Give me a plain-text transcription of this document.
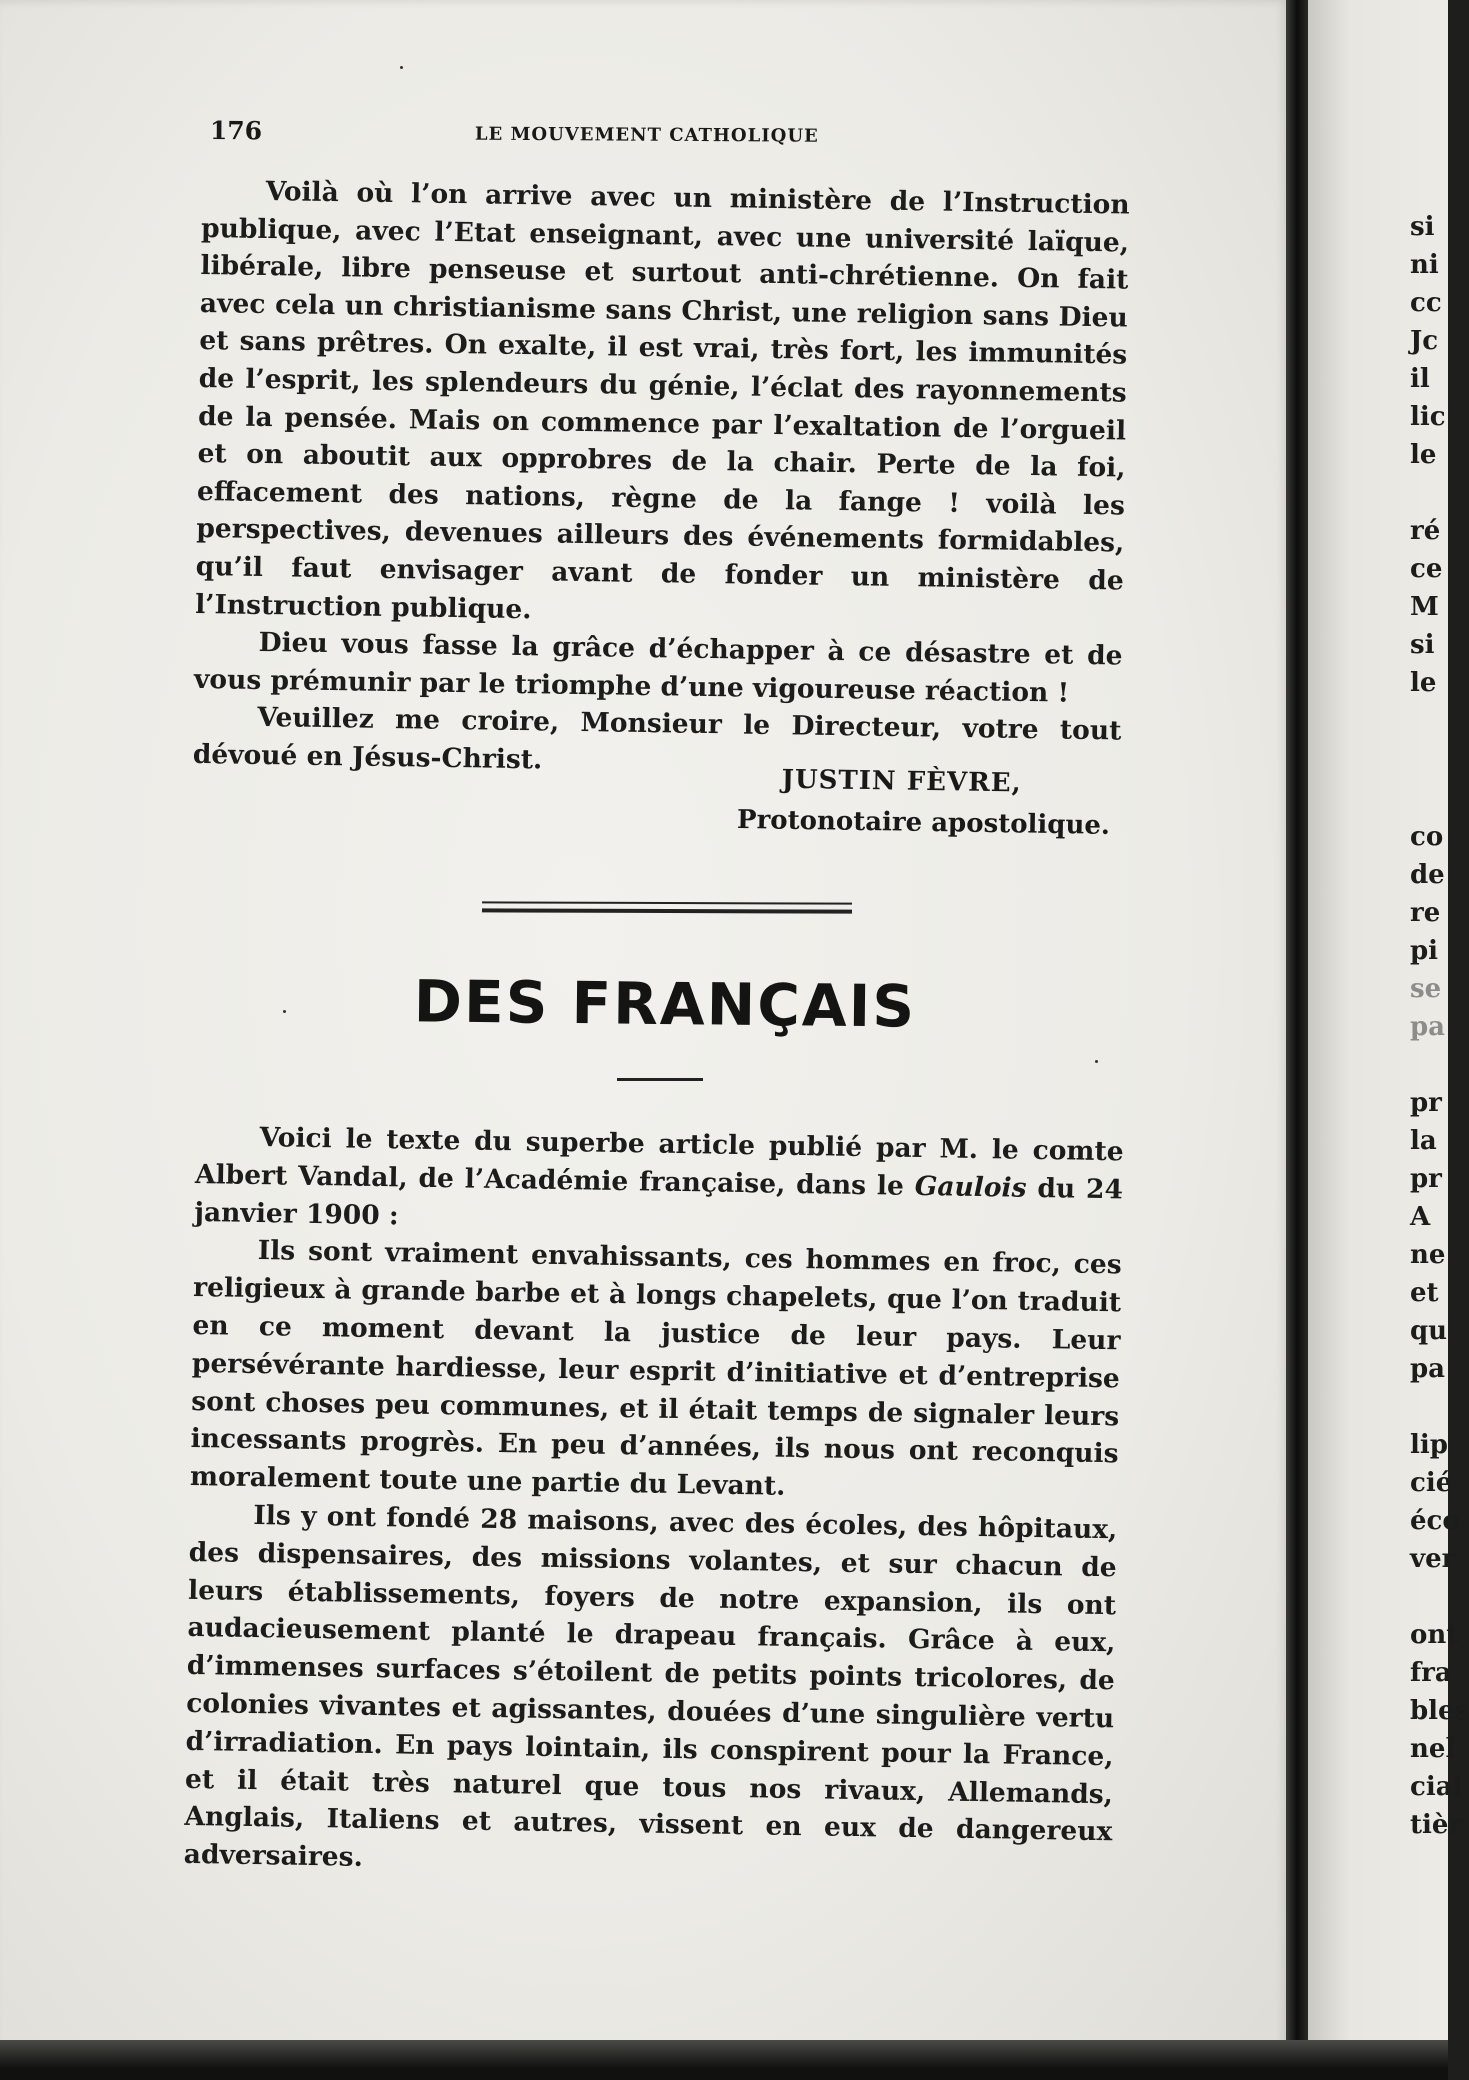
176	LE MOUVEMENT CATHOLIQUE

Voilà où l’on arrive avec un ministère de l’Instruction publique, avec l’Etat enseignant, avec une université laïque, libérale, libre penseuse et surtout anti-chrétienne. On fait avec cela un christianisme sans Christ, une religion sans Dieu et sans prêtres. On exalte, il est vrai, très fort, les immunités de l’esprit, les splendeurs du génie, l’éclat des rayonnements de la pensée. Mais on commence par l’exaltation de l’orgueil et on aboutit aux opprobres de la chair. Perte de la foi, effacement des nations, règne de la fange ! voilà les perspectives, devenues ailleurs des événements formidables, qu’il faut envisager avant de fonder un ministère de l’Instruction publique.

Dieu vous fasse la grâce d’échapper à ce désastre et de vous prémunir par le triomphe d’une vigoureuse réaction !

Veuillez me croire, Monsieur le Directeur, votre tout dévoué en Jésus-Christ.

JUSTIN FÈVRE,
Protonotaire apostolique.
DES FRANÇAIS

Voici le texte du superbe article publié par M. le comte Albert Vandal, de l’Académie française, dans le Gaulois du 24 janvier 1900 :

Ils sont vraiment envahissants, ces hommes en froc, ces religieux à grande barbe et à longs chapelets, que l’on traduit en ce moment devant la justice de leur pays. Leur persévérante hardiesse, leur esprit d’initiative et d’entreprise sont choses peu communes, et il était temps de signaler leurs incessants progrès. En peu d’années, ils nous ont reconquis moralement toute une partie du Levant.

Ils y ont fondé 28 maisons, avec des écoles, des hôpitaux, des dispensaires, des missions volantes, et sur chacun de leurs établissements, foyers de notre expansion, ils ont audacieusement planté le drapeau français. Grâce à eux, d’immenses surfaces s’étoilent de petits points tricolores, de colonies vivantes et agissantes, douées d’une singulière vertu d’irradiation. En pays lointain, ils conspirent pour la France, et il était très naturel que tous nos rivaux, Allemands, Anglais, Italiens et autres, vissent en eux de dangereux adversaires.

si
ni
cc
Jc
il
lic
le
ré
ce
M
si
le
co
de
re
pi
se
pa
pr
la
pr
A
ne
et
qu
pa
lip
cié
éco
ver
ont
fra
bles
nel
cial
tièr
